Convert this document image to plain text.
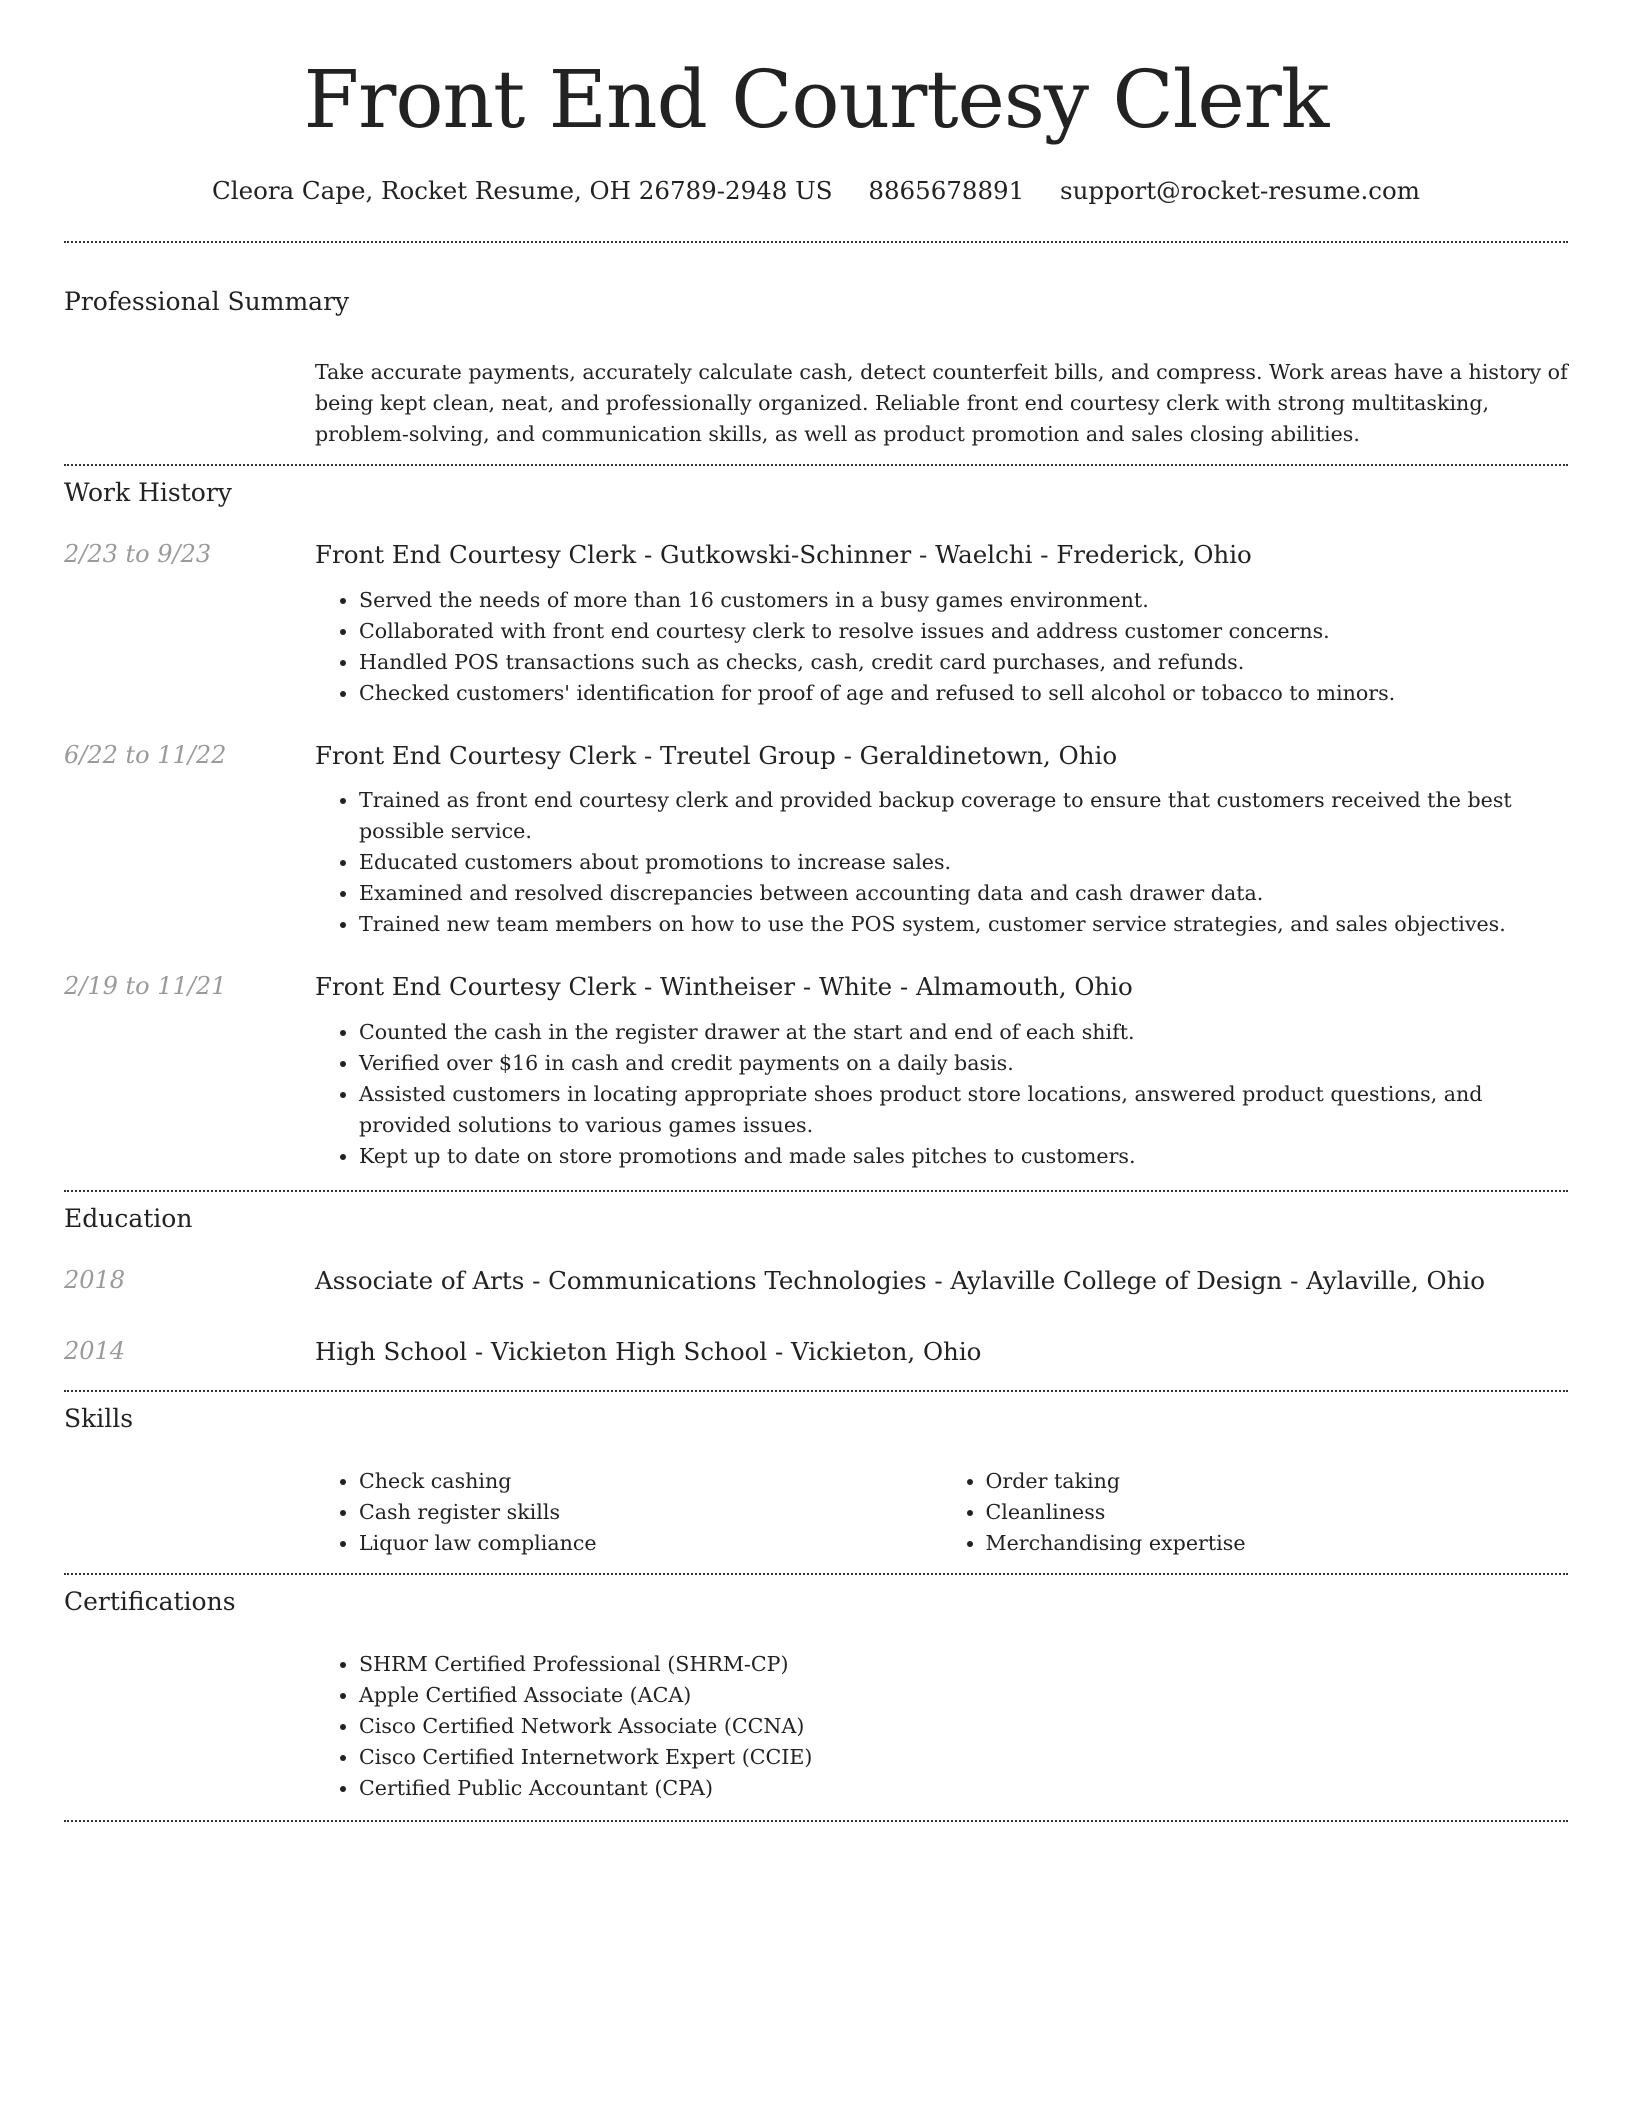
Front End Courtesy Clerk
Cleora Cape, Rocket Resume, OH 26789-2948 US 8865678891 support@rocket-resume.com
Professional Summary

Take accurate payments, accurately calculate cash, detect counterfeit bills, and compress. Work areas have a history of being kept clean, neat, and professionally organized. Reliable front end courtesy clerk with strong multitasking, problem-solving, and communication skills, as well as product promotion and sales closing abilities.

Work History
2/23 to 9/23	Front End Courtesy Clerk - Gutkowski-Schinner - Waelchi - Frederick, Ohio
• Served the needs of more than 16 customers in a busy games environment.
• Collaborated with front end courtesy clerk to resolve issues and address customer concerns.
• Handled POS transactions such as checks, cash, credit card purchases, and refunds.
• Checked customers' identification for proof of age and refused to sell alcohol or tobacco to minors.
6/22 to 11/22	Front End Courtesy Clerk - Treutel Group - Geraldinetown, Ohio
• Trained as front end courtesy clerk and provided backup coverage to ensure that customers received the best possible service.
• Educated customers about promotions to increase sales.
• Examined and resolved discrepancies between accounting data and cash drawer data.
• Trained new team members on how to use the POS system, customer service strategies, and sales objectives.
2/19 to 11/21	Front End Courtesy Clerk - Wintheiser - White - Almamouth, Ohio
• Counted the cash in the register drawer at the start and end of each shift.
• Verified over $16 in cash and credit payments on a daily basis.
• Assisted customers in locating appropriate shoes product store locations, answered product questions, and provided solutions to various games issues.
• Kept up to date on store promotions and made sales pitches to customers.
Education
2018	Associate of Arts - Communications Technologies - Aylaville College of Design - Aylaville, Ohio
2014	High School - Vickieton High School - Vickieton, Ohio
Skills
• Check cashing
• Cash register skills
• Liquor law compliance
• Order taking
• Cleanliness
• Merchandising expertise
Certifications
• SHRM Certified Professional (SHRM-CP)
• Apple Certified Associate (ACA)
• Cisco Certified Network Associate (CCNA)
• Cisco Certified Internetwork Expert (CCIE)
• Certified Public Accountant (CPA)
